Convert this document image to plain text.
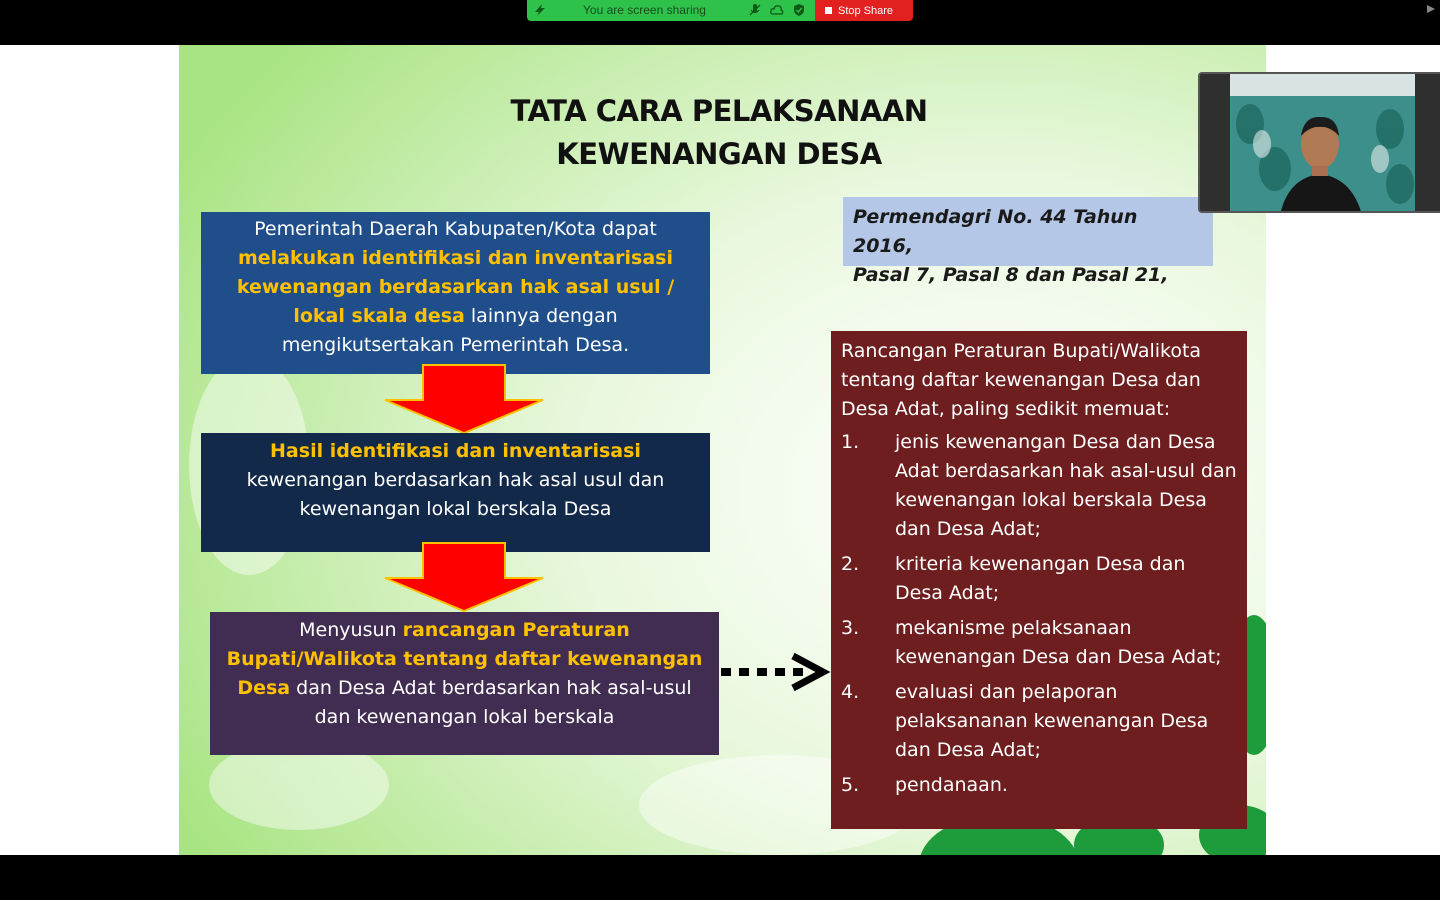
You are screen sharing	Stop Share
TATA CARA PELAKSANAAN
KEWENANGAN DESA
Pemerintah Daerah Kabupaten/Kota dapat melakukan identifikasi dan inventarisasi kewenangan berdasarkan hak asal usul / lokal skala desa lainnya dengan mengikutsertakan Pemerintah Desa.
Hasil identifikasi dan inventarisasi kewenangan berdasarkan hak asal usul dan kewenangan lokal berskala Desa
Menyusun rancangan Peraturan Bupati/Walikota tentang daftar kewenangan Desa dan Desa Adat berdasarkan hak asal-usul dan kewenangan lokal berskala
Permendagri No. 44 Tahun 2016,
Pasal 7, Pasal 8 dan Pasal 21,

Rancangan Peraturan Bupati/Walikota tentang daftar kewenangan Desa dan Desa Adat, paling sedikit memuat:

1.	jenis kewenangan Desa dan Desa Adat berdasarkan hak asal-usul dan kewenangan lokal berskala Desa dan Desa Adat;
2.	kriteria kewenangan Desa dan Desa Adat;
3.	mekanisme pelaksanaan kewenangan Desa dan Desa Adat;
4.	evaluasi dan pelaporan pelaksananan kewenangan Desa dan Desa Adat;
5.	pendanaan.
